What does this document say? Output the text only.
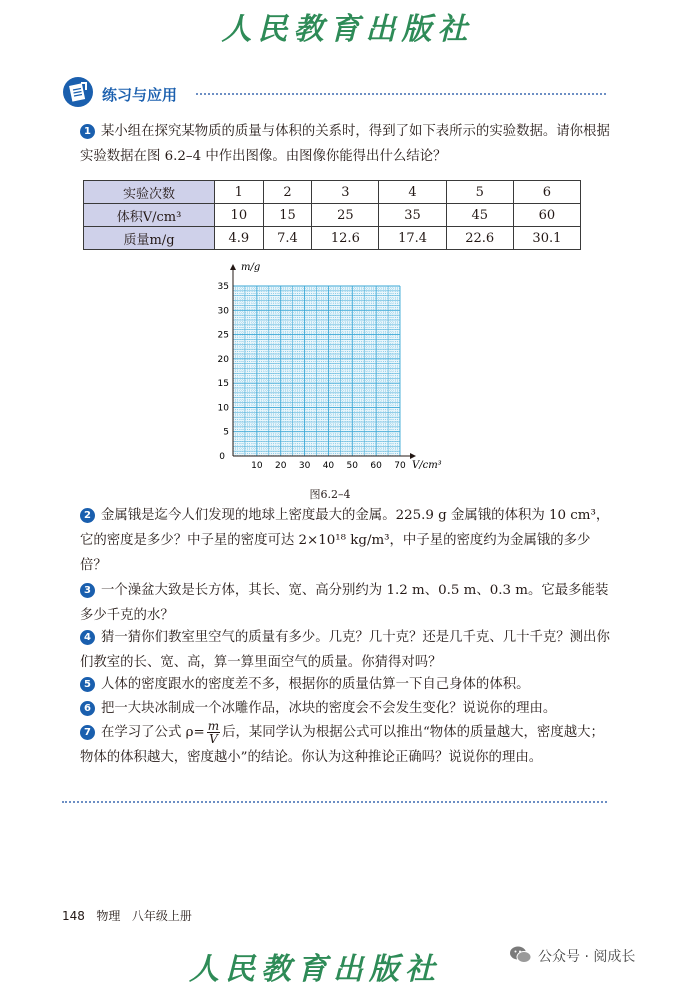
人民教育出版社
练习与应用
1 某小组在探究某物质的质量与体积的关系时，得到了如下表所示的实验数据。请你根据实验数据在图 6.2–4 中作出图像。由图像你能得出什么结论？
实验次数	1	2	3	4	5	6
体积V/cm³	10	15	25	35	45	60
质量m/g	4.9	7.4	12.6	17.4	22.6	30.1
10 20 30 40 50 60 70
5
10
15
20
25
30
35
0
m/g
V/cm³
图6.2–4
2 金属锇是迄今人们发现的地球上密度最大的金属。225.9 g 金属锇的体积为 10 cm³，它的密度是多少？中子星的密度可达 2×10¹⁸ kg/m³，中子星的密度约为金属锇的多少倍？
3 一个澡盆大致是长方体，其长、宽、高分别约为 1.2 m、0.5 m、0.3 m。它最多能装多少千克的水？
4 猜一猜你们教室里空气的质量有多少。几克？几十克？还是几千克、几十千克？测出你们教室的长、宽、高，算一算里面空气的质量。你猜得对吗？
5 人体的密度跟水的密度差不多，根据你的质量估算一下自己身体的体积。
6 把一大块冰制成一个冰雕作品，冰块的密度会不会发生变化？说说你的理由。
7 在学习了公式 $\rho= \frac{m}{V}$ 后，某同学认为根据公式可以推出“物体的质量越大，密度越大；物体的体积越大，密度越小”的结论。你认为这种推论正确吗？说说你的理由。
148 物理 八年级上册
人民教育出版社	公众号 · 阅成长
